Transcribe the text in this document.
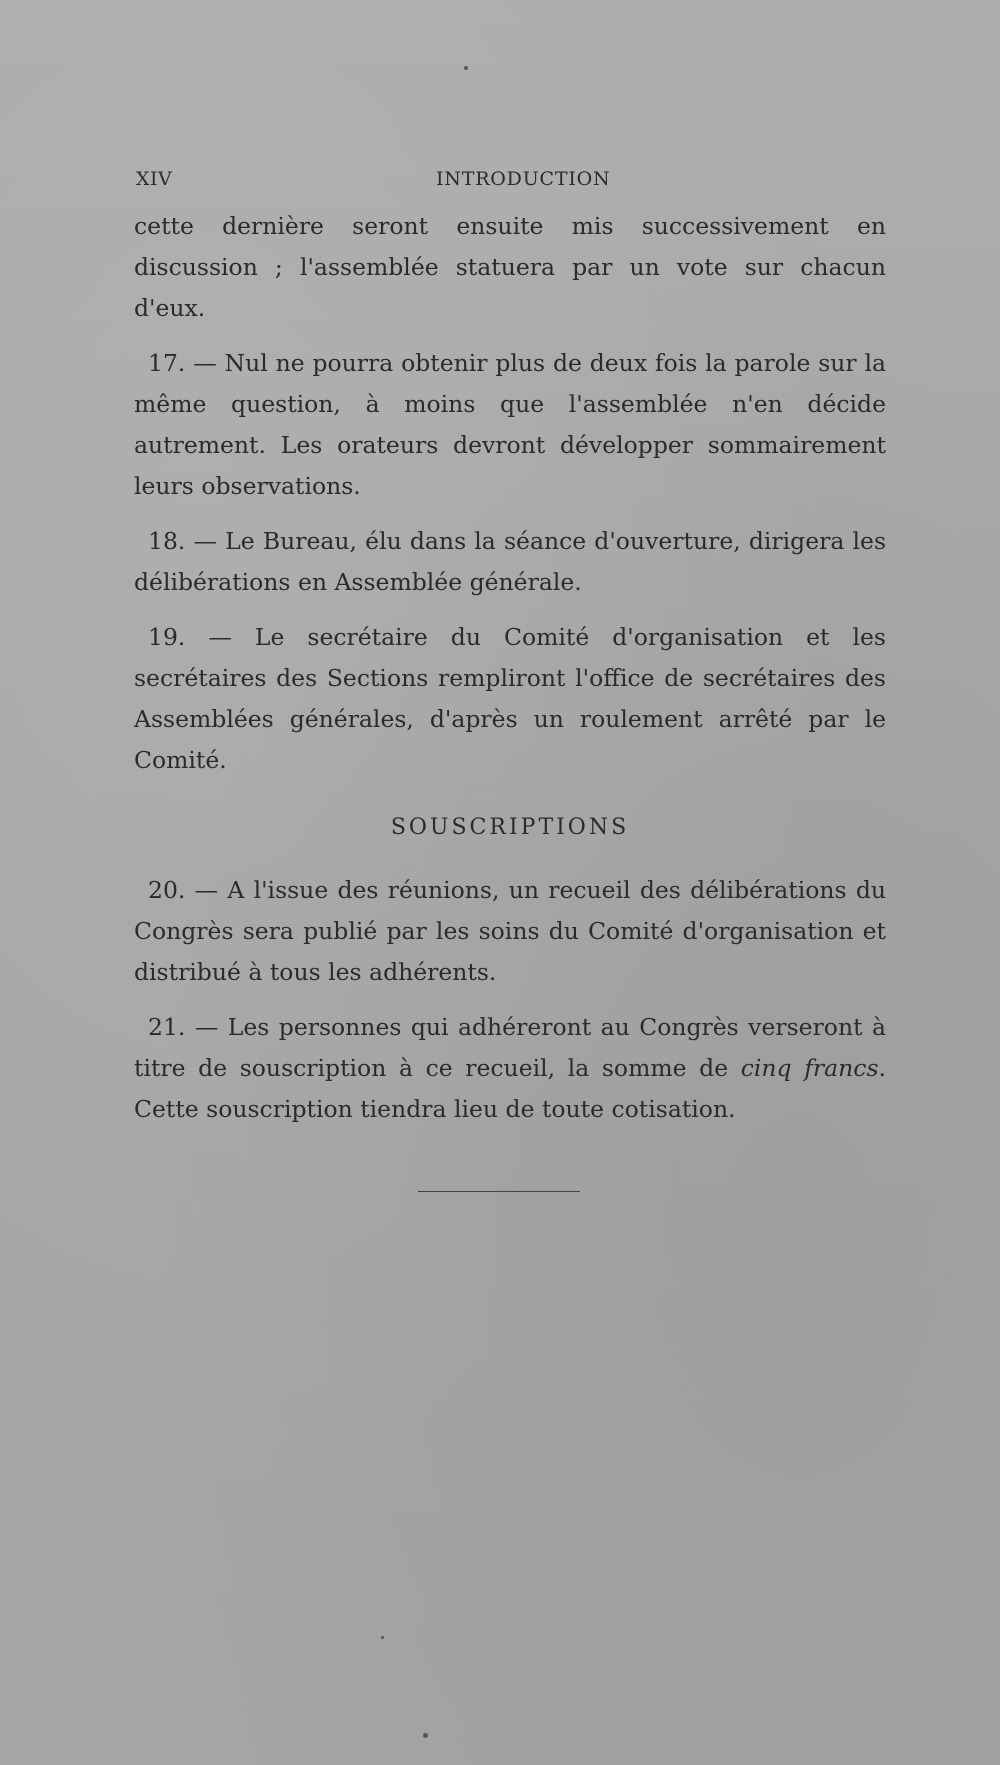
XIV	INTRODUCTION

cette dernière seront ensuite mis successivement en discussion ; l'assemblée statuera par un vote sur chacun d'eux.

17. — Nul ne pourra obtenir plus de deux fois la parole sur la même question, à moins que l'assemblée n'en décide autrement. Les orateurs devront développer sommairement leurs observations.

18. — Le Bureau, élu dans la séance d'ouverture, dirigera les délibérations en Assemblée générale.

19. — Le secrétaire du Comité d'organisation et les secrétaires des Sections rempliront l'office de secrétaires des Assemblées générales, d'après un roulement arrêté par le Comité.

SOUSCRIPTIONS

20. — A l'issue des réunions, un recueil des délibérations du Congrès sera publié par les soins du Comité d'organisation et distribué à tous les adhérents.

21. — Les personnes qui adhéreront au Congrès verseront à titre de souscription à ce recueil, la somme de cinq francs. Cette souscription tiendra lieu de toute cotisation.
